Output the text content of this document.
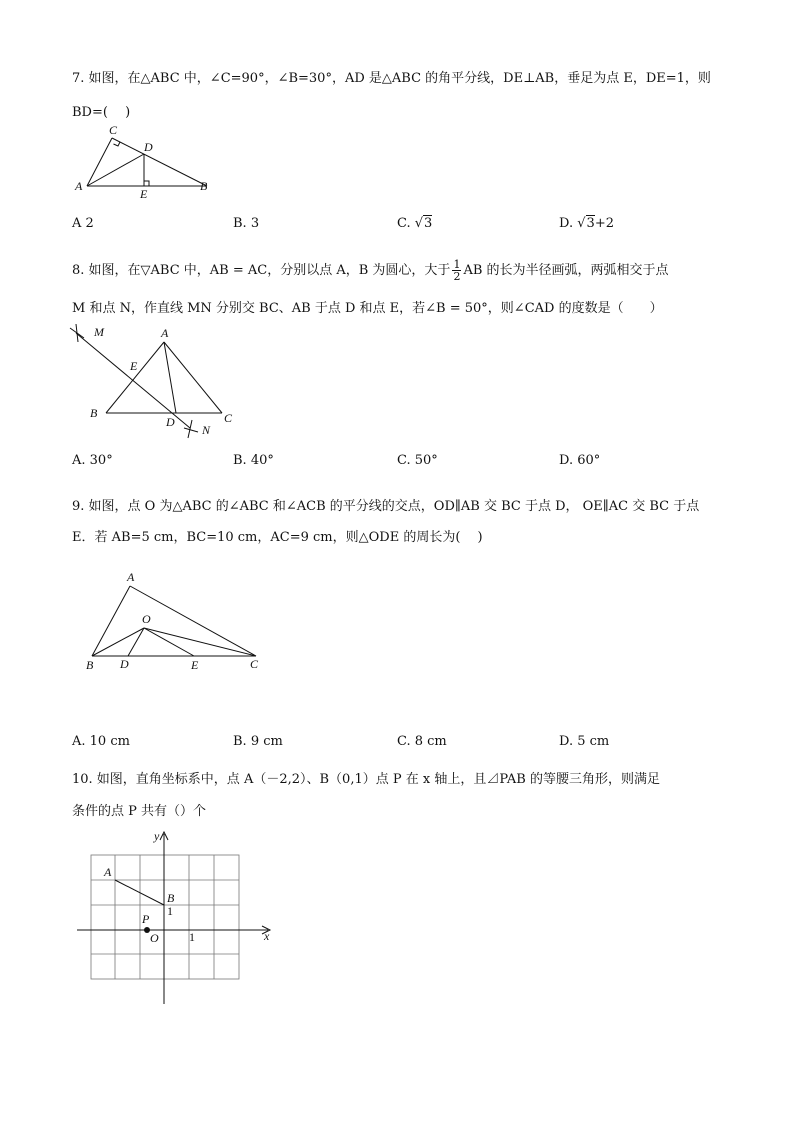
7. 如图，在△ABC 中，∠C=90°，∠B=30°，AD 是△ABC 的角平分线，DE⊥AB，垂足为点 E，DE=1，则
BD=(　 )
C
D
A
E
B
A 2	B. 3	C. √3	D. √3+2
8. 如图，在▽ABC 中，AB = AC，分别以点 A，B 为圆心，大于 $\frac{1}{2}$ AB 的长为半径画弧，两弧相交于点
M 和点 N，作直线 MN 分别交 BC、AB 于点 D 和点 E，若∠B = 50°，则∠CAD 的度数是（　　）
M	A
E
B
D	C
N
A. 30°	B. 40°	C. 50°	D. 60°
9. 如图，点 O 为△ABC 的∠ABC 和∠ACB 的平分线的交点，OD∥AB 交 BC 于点 D， OE∥AC 交 BC 于点
E．若 AB=5 cm，BC=10 cm，AC=9 cm，则△ODE 的周长为(　 )
A
O
B D	E	C
A. 10 cm	B. 9 cm	C. 8 cm	D. 5 cm
10. 如图，直角坐标系中，点 A（－2,2）、B（0,1）点 P 在 x 轴上，且⊿PAB 的等腰三角形，则满足
条件的点 P 共有（）个
y
x
A
B
1
P
O	1
